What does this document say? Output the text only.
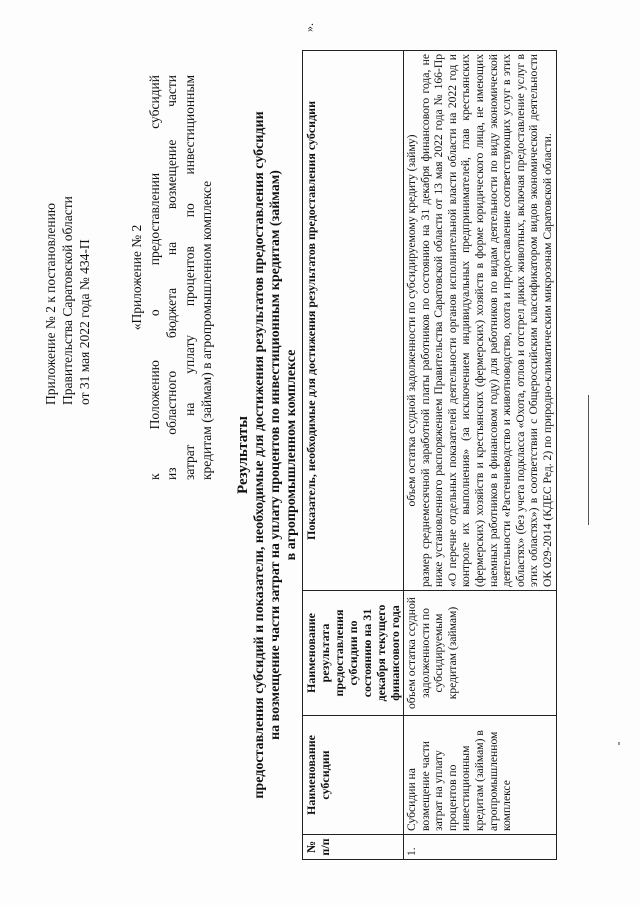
Приложение № 2 к постановлению Правительства Саратовской области от 31 мая 2022 года № 434-П	«Приложение № 2 к Положению о предоставлении субсидий из областного бюджета на возмещение части затрат на уплату процентов по инвестиционным кредитам (займам) в агропромышленном комплексе Результаты предоставления субсидий и показатели, необходимые для достижения результатов предоставления субсидии на возмещение части затрат на уплату процентов по инвестиционным кредитам (займам) в агропромышленном комплексе
№ п/п	Наименование субсидии	Наименование результата предоставления субсидии по состоянию на 31 декабря текущего финансового года	Показатель, необходимые для достижения результатов предоставления субсидии
1.	Субсидии на возмещение части затрат на уплату процентов по инвестиционным кредитам (займам) в агропромышленном комплексе	объем остатка ссудной задолженности по субсидируемым кредитам (займам)	объем остатка ссудной задолженности по субсидируемому кредиту (займу) размер среднемесячной заработной платы работников по состоянию на 31 декабря финансового года, не ниже установленного распоряжением Правительства Саратовской области от 13 мая 2022 года № 166-Пр «О перечне отдельных показателей деятельности органов исполнительной власти области на 2022 год и контроле их выполнения» (за исключением индивидуальных предпринимателей, глав крестьянских (фермерских) хозяйств и крестьянских (фермерских) хозяйств в форме юридического лица, не имеющих наемных работников в финансовом году) для работников по видам деятельности по виду экономической деятельности «Растениеводство и животноводство, охота и предоставление соответствующих услуг в этих областях» (без учета подкласса «Охота, отлов и отстрел диких животных, включая предоставление услуг в этих областях») в соответствии с Общероссийским классификатором видов экономической деятельности ОК 029-2014 (КДЕС Ред. 2) по природно-климатическим микрозонам Саратовской области.
».
